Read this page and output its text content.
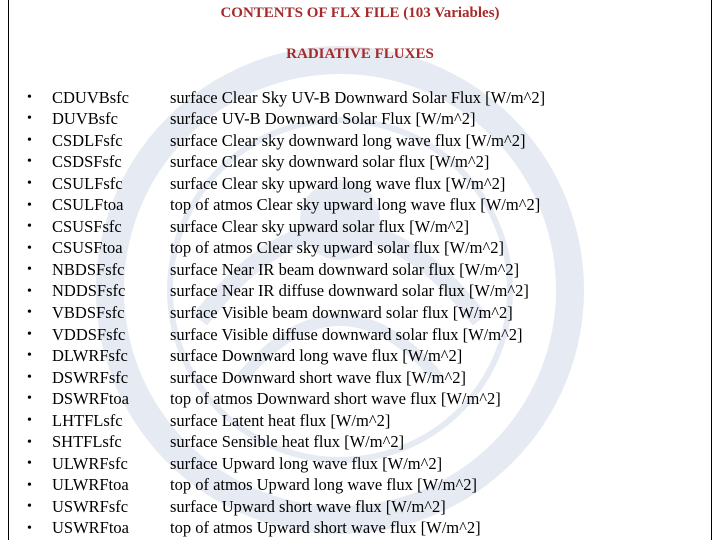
CONTENTS OF FLX FILE (103 Variables)
RADIATIVE FLUXES
•	CDUVBsfc	surface Clear Sky UV-B Downward Solar Flux [W/m^2]
•	DUVBsfc	surface UV-B Downward Solar Flux [W/m^2]
•	CSDLFsfc	surface Clear sky downward long wave flux [W/m^2]
•	CSDSFsfc	surface Clear sky downward solar flux [W/m^2]
•	CSULFsfc	surface Clear sky upward long wave flux [W/m^2]
•	CSULFtoa	top of atmos Clear sky upward long wave flux [W/m^2]
•	CSUSFsfc	surface Clear sky upward solar flux [W/m^2]
•	CSUSFtoa	top of atmos Clear sky upward solar flux [W/m^2]
•	NBDSFsfc	surface Near IR beam downward solar flux [W/m^2]
•	NDDSFsfc	surface Near IR diffuse downward solar flux [W/m^2]
•	VBDSFsfc	surface Visible beam downward solar flux [W/m^2]
•	VDDSFsfc	surface Visible diffuse downward solar flux [W/m^2]
•	DLWRFsfc	surface Downward long wave flux [W/m^2]
•	DSWRFsfc	surface Downward short wave flux [W/m^2]
•	DSWRFtoa	top of atmos Downward short wave flux [W/m^2]
•	LHTFLsfc	surface Latent heat flux [W/m^2]
•	SHTFLsfc	surface Sensible heat flux [W/m^2]
•	ULWRFsfc	surface Upward long wave flux [W/m^2]
•	ULWRFtoa	top of atmos Upward long wave flux [W/m^2]
•	USWRFsfc	surface Upward short wave flux [W/m^2]
•	USWRFtoa	top of atmos Upward short wave flux [W/m^2]
